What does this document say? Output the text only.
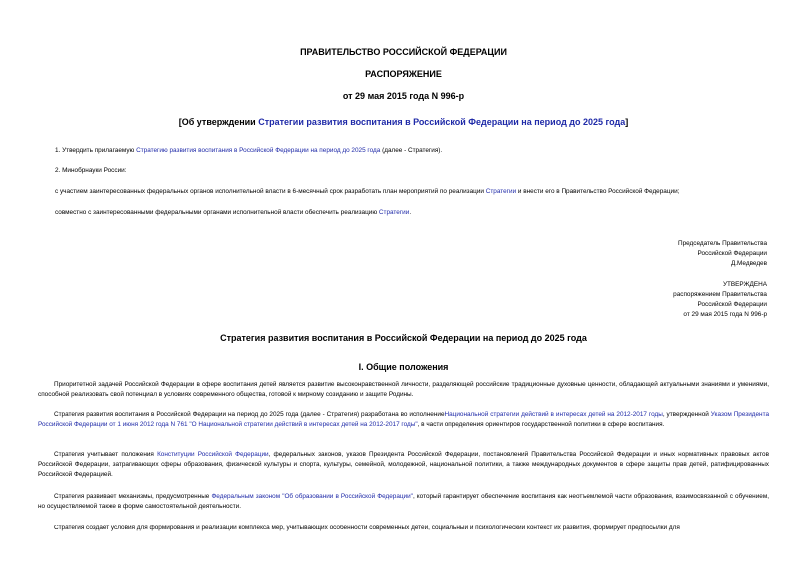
ПРАВИТЕЛЬСТВО РОССИЙСКОЙ ФЕДЕРАЦИИ
РАСПОРЯЖЕНИЕ
от 29 мая 2015 года N 996-р
[Об утверждении Стратегии развития воспитания в Российской Федерации на период до 2025 года]
1. Утвердить прилагаемую Стратегию развития воспитания в Российской Федерации на период до 2025 года (далее - Стратегия).
2. Минобрнауки России:
с участием заинтересованных федеральных органов исполнительной власти в 6-месячный срок разработать план мероприятий по реализации Стратегии и внести его в Правительство Российской Федерации;
совместно с заинтересованными федеральными органами исполнительной власти обеспечить реализацию Стратегии.
Председатель Правительства
Российской Федерации
Д.Медведев
УТВЕРЖДЕНА
распоряжением Правительства
Российской Федерации
от 29 мая 2015 года N 996-р
Стратегия развития воспитания в Российской Федерации на период до 2025 года
I. Общие положения
Приоритетной задачей Российской Федерации в сфере воспитания детей является развитие высоконравственной личности, разделяющей российские традиционные духовные ценности, обладающей актуальными знаниями и умениями, способной реализовать свой потенциал в условиях современного общества, готовой к мирному созиданию и защите Родины.
Стратегия развития воспитания в Российской Федерации на период до 2025 года (далее - Стратегия) разработана во исполнениеНациональной стратегии действий в интересах детей на 2012-2017 годы, утвержденной Указом Президента Российской Федерации от 1 июня 2012 года N 761 "О Национальной стратегии действий в интересах детей на 2012-2017 годы", в части определения ориентиров государственной политики в сфере воспитания.
Стратегия учитывает положения Конституции Российской Федерации, федеральных законов, указов Президента Российской Федерации, постановлений Правительства Российской Федерации и иных нормативных правовых актов Российской Федерации, затрагивающих сферы образования, физической культуры и спорта, культуры, семейной, молодежной, национальной политики, а также международных документов в сфере защиты прав детей, ратифицированных Российской Федерацией.
Стратегия развивает механизмы, предусмотренные Федеральным законом "Об образовании в Российской Федерации", который гарантирует обеспечение воспитания как неотъемлемой части образования, взаимосвязанной с обучением, но осуществляемой также в форме самостоятельной деятельности.
Стратегия создает условия для формирования и реализации комплекса мер, учитывающих особенности современных детей, социальный и психологический контекст их развития, формирует предпосылки для
